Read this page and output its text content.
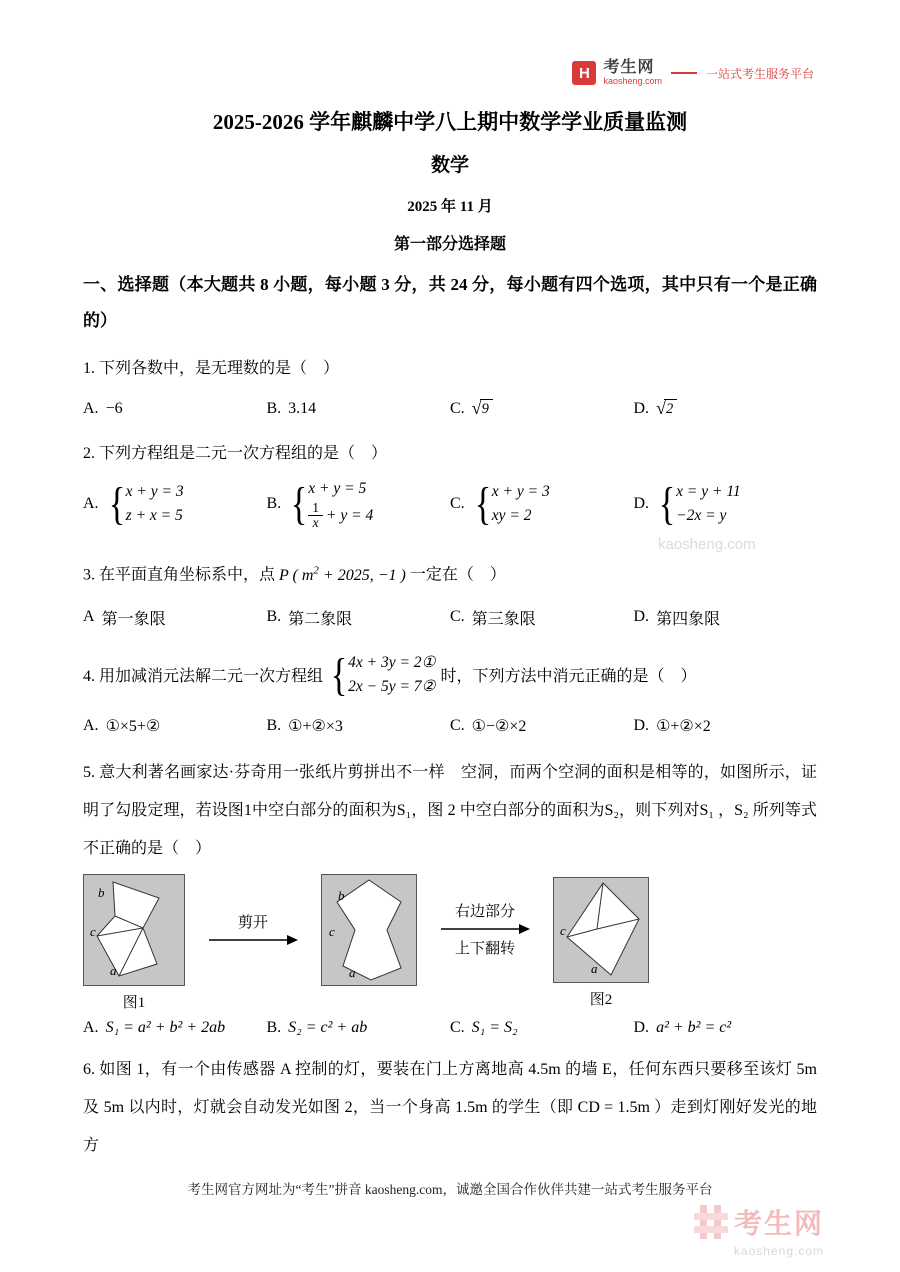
H 考生网
kaosheng.com
一站式考生服务平台
2025-2026 学年麒麟中学八上期中数学学业质量监测
数学
2025 年 11 月
第一部分选择题
一、选择题（本大题共 8 小题，每小题 3 分，共 24 分，每小题有四个选项，其中只有一个是正确的）
1. 下列各数中，是无理数的是（　）
A. −6	B. 3.14	C. √ 9	D. √ 2
2. 下列方程组是二元一次方程组的是（　）
A. { x + y = 3
z + x = 5
B. { x + y = 5
$\frac{1}{x} + y = 4$
C. { x + y = 3
xy = 2
D. { x = y + 11
−2x = y
3. 在平面直角坐标系中，点 P ( $m^2 + 2025$, −1 ) 一定在（　）
A 第一象限	B. 第二象限	C. 第三象限	D. 第四象限
4. 用加减消元法解二元一次方程组 { 4x + 3y = 2①
2x − 5y = 7②
时，下列方法中消元正确的是（　）
A. ①×5+②	B. ①+②×3	C. ①−②×2	D. ①+②×2
5. 意大利著名画家达·芬奇用一张纸片剪拼出不一样　空洞，而两个空洞的面积是相等的，如图所示，证明了勾股定理，若设图1中空白部分的面积为S₁，图 2 中空白部分的面积为S₂，则下列对S₁ ，S₂ 所列等式不正确的是（　）
b
c
a
图1
剪开
b
c
a
右边部分
上下翻转
c
a
图2
A. S₁ = a² + b² + 2ab	B. S₂ = c² + ab	C. S₁ = S₂	D. a² + b² = c²
6. 如图 1，有一个由传感器 A 控制的灯，要装在门上方离地高 4.5m 的墙 E，任何东西只要移至该灯 5m 及 5m 以内时，灯就会自动发光如图 2，当一个身高 1.5m 的学生（即 CD = 1.5m ）走到灯刚好发光的地方
考生网官方网址为“考生”拼音 kaosheng.com，诚邀全国合作伙伴共建一站式考生服务平台
kaosheng.com
考生网
kaosheng.com
